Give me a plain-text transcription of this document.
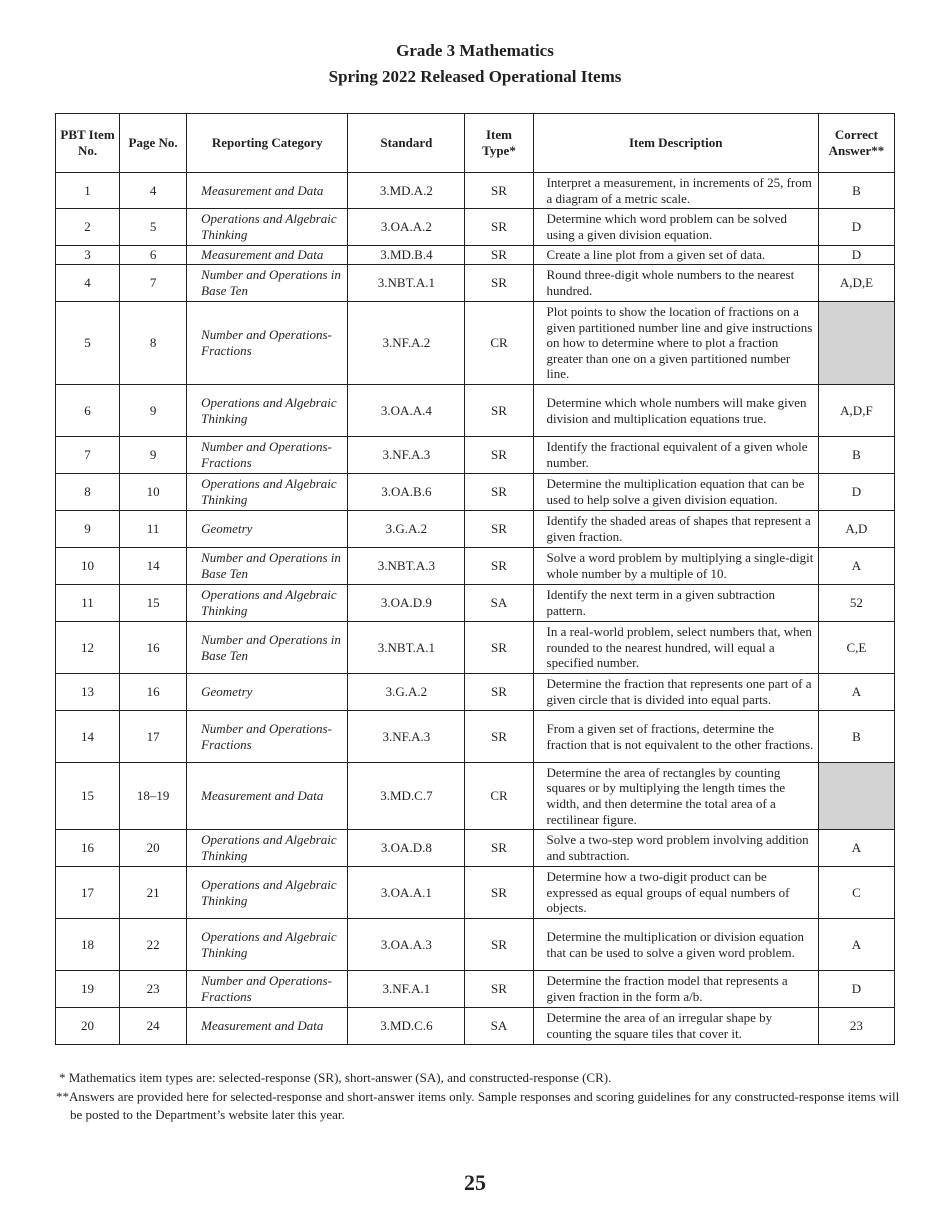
Grade 3 Mathematics
Spring 2022 Released Operational Items
PBT Item No.	Page No.	Reporting Category	Standard	Item Type*	Item Description	Correct Answer**
1	4	Measurement and Data	3.MD.A.2	SR	Interpret a measurement, in increments of 25, from a diagram of a metric scale.	B
2	5	Operations and Algebraic Thinking	3.OA.A.2	SR	Determine which word problem can be solved using a given division equation.	D
3	6	Measurement and Data	3.MD.B.4	SR	Create a line plot from a given set of data.	D
4	7	Number and Operations in Base Ten	3.NBT.A.1	SR	Round three-digit whole numbers to the nearest hundred.	A,D,E
5	8	Number and Operations-Fractions	3.NF.A.2	CR	Plot points to show the location of fractions on a given partitioned number line and give instructions on how to determine where to plot a fraction greater than one on a given partitioned number line.	
6	9	Operations and Algebraic Thinking	3.OA.A.4	SR	Determine which whole numbers will make given division and multiplication equations true.	A,D,F
7	9	Number and Operations-Fractions	3.NF.A.3	SR	Identify the fractional equivalent of a given whole number.	B
8	10	Operations and Algebraic Thinking	3.OA.B.6	SR	Determine the multiplication equation that can be used to help solve a given division equation.	D
9	11	Geometry	3.G.A.2	SR	Identify the shaded areas of shapes that represent a given fraction.	A,D
10	14	Number and Operations in Base Ten	3.NBT.A.3	SR	Solve a word problem by multiplying a single-digit whole number by a multiple of 10.	A
11	15	Operations and Algebraic Thinking	3.OA.D.9	SA	Identify the next term in a given subtraction pattern.	52
12	16	Number and Operations in Base Ten	3.NBT.A.1	SR	In a real-world problem, select numbers that, when rounded to the nearest hundred, will equal a specified number.	C,E
13	16	Geometry	3.G.A.2	SR	Determine the fraction that represents one part of a given circle that is divided into equal parts.	A
14	17	Number and Operations-Fractions	3.NF.A.3	SR	From a given set of fractions, determine the fraction that is not equivalent to the other fractions.	B
15	18–19	Measurement and Data	3.MD.C.7	CR	Determine the area of rectangles by counting squares or by multiplying the length times the width, and then determine the total area of a rectilinear figure.	
16	20	Operations and Algebraic Thinking	3.OA.D.8	SR	Solve a two-step word problem involving addition and subtraction.	A
17	21	Operations and Algebraic Thinking	3.OA.A.1	SR	Determine how a two-digit product can be expressed as equal groups of equal numbers of objects.	C
18	22	Operations and Algebraic Thinking	3.OA.A.3	SR	Determine the multiplication or division equation that can be used to solve a given word problem.	A
19	23	Number and Operations-Fractions	3.NF.A.1	SR	Determine the fraction model that represents a given fraction in the form a/b.	D
20	24	Measurement and Data	3.MD.C.6	SA	Determine the area of an irregular shape by counting the square tiles that cover it.	23
* Mathematics item types are: selected-response (SR), short-answer (SA), and constructed-response (CR).
**Answers are provided here for selected-response and short-answer items only. Sample responses and scoring guidelines for any constructed-response items will be posted to the Department’s website later this year.
25
